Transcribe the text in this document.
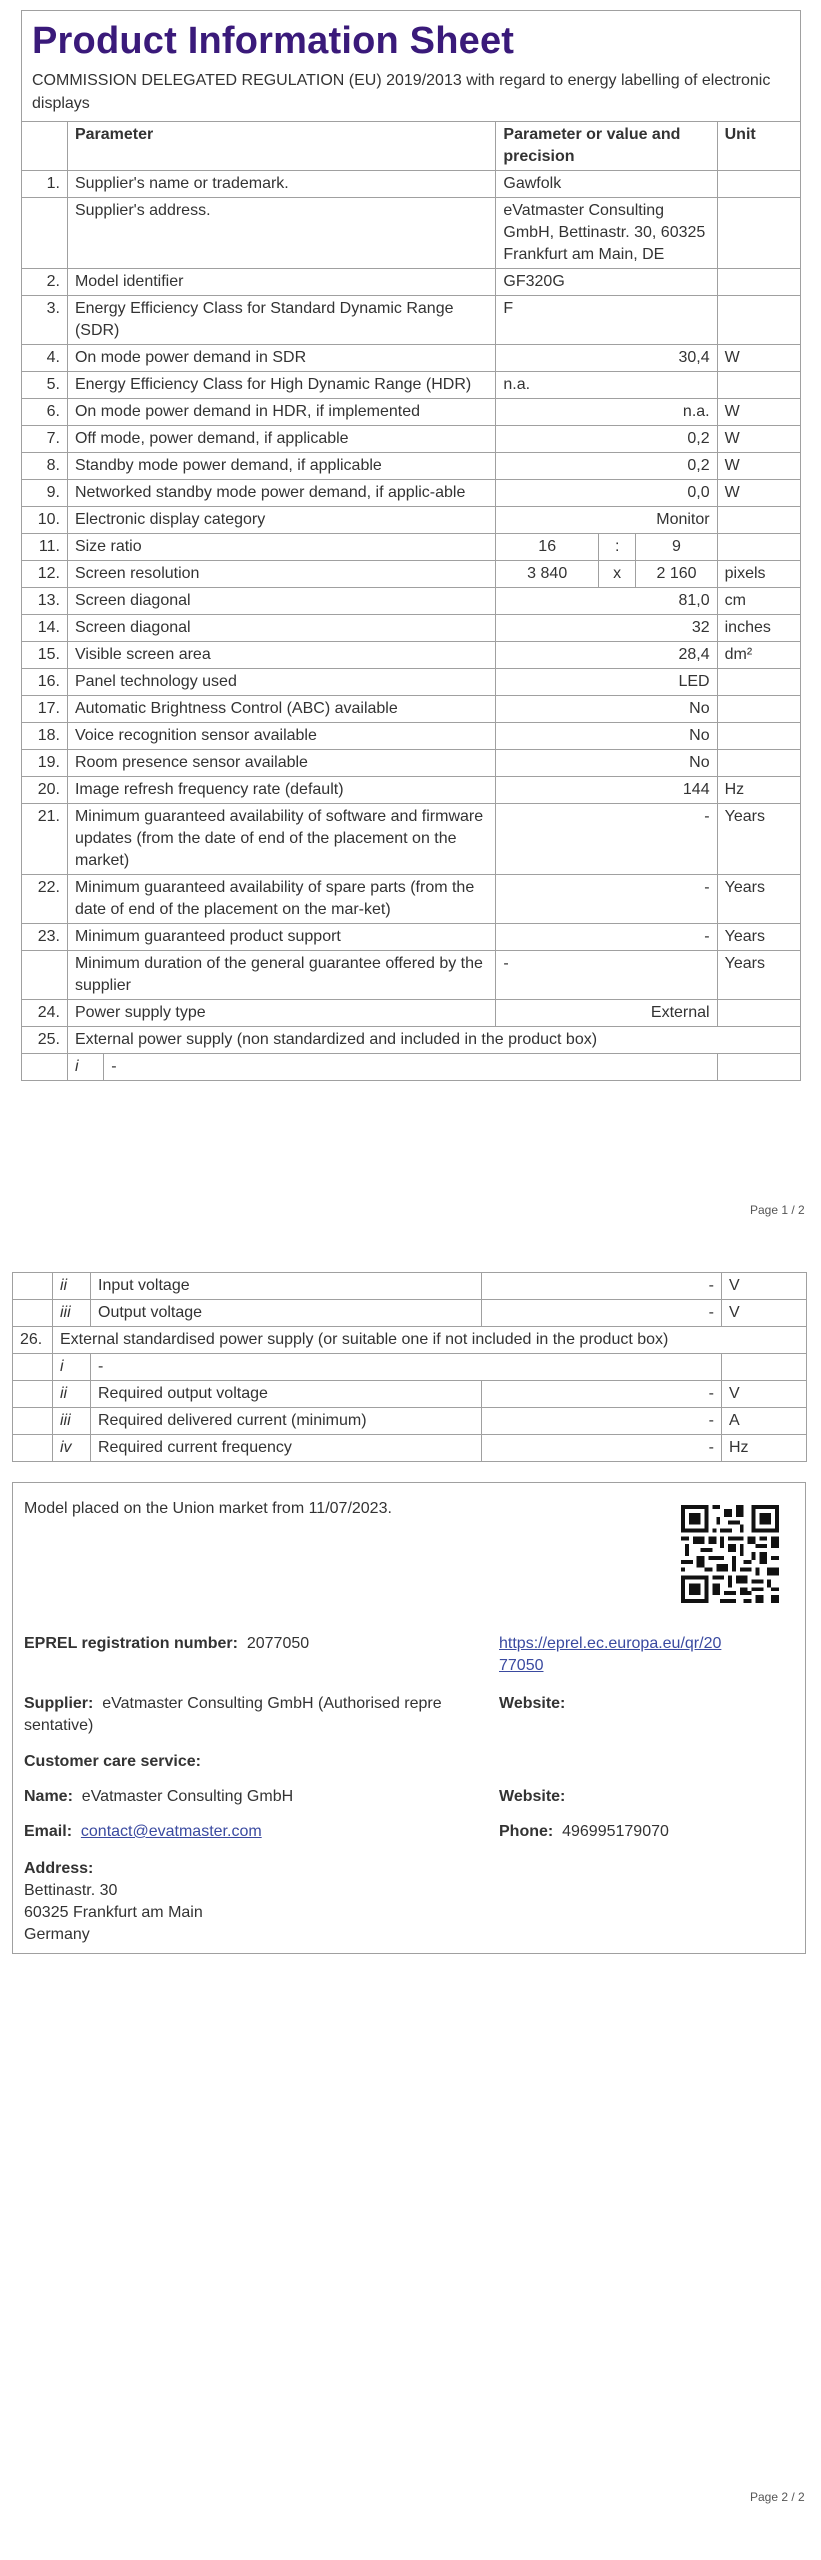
Product Information Sheet
COMMISSION DELEGATED REGULATION (EU) 2019/2013 with regard to energy labelling of electronic displays
	Parameter		Parameter or value and precision			Unit
1.	Supplier's name or trademark.		Gawfolk			
	Supplier's address.		eVatmaster Consulting GmbH, Bettinastr. 30, 60325 Frankfurt am Main, DE			
2.	Model identifier		GF320G			
3.	Energy Efficiency Class for Standard Dynamic Range (SDR)		F			
4.	On mode power demand in SDR		30,4			W
5.	Energy Efficiency Class for High Dynamic Range (HDR)		n.a.			
6.	On mode power demand in HDR, if implemented		n.a.			W
7.	Off mode, power demand, if applicable		0,2			W
8.	Standby mode power demand, if applicable		0,2			W
9.	Networked standby mode power demand, if applic-able		0,0			W
10.	Electronic display category		Monitor			
11.	Size ratio		16	:	9	
12.	Screen resolution		3 840	x	2 160	pixels
13.	Screen diagonal		81,0			cm
14.	Screen diagonal		32			inches
15.	Visible screen area		28,4			dm²
16.	Panel technology used		LED			
17.	Automatic Brightness Control (ABC) available		No			
18.	Voice recognition sensor available		No			
19.	Room presence sensor available		No			
20.	Image refresh frequency rate (default)		144			Hz
21.	Minimum guaranteed availability of software and firmware updates (from the date of end of the placement on the market)		-			Years
22.	Minimum guaranteed availability of spare parts (from the date of end of the placement on the mar-ket)		-			Years
23.	Minimum guaranteed product support		-			Years
	Minimum duration of the general guarantee offered by the supplier		-			Years
24.	Power supply type		External			
25.	External power supply (non standardized and included in the product box)					
	i	-				
Page 1 / 2
	ii	Input voltage	-	V
	iii	Output voltage	-	V
26.	External standardised power supply (or suitable one if not included in the product box)			
	i	-		
	ii	Required output voltage	-	V
	iii	Required delivered current (minimum)	-	A
	iv	Required current frequency	-	Hz
Model placed on the Union market from 11/07/2023.
EPREL registration number: 2077050	https://eprel.ec.europa.eu/qr/20
77050
Supplier: eVatmaster Consulting GmbH (Authorised repre
sentative)
Website:
Customer care service:
Name: eVatmaster Consulting GmbH	Website:
Email: contact@evatmaster.com	Phone: 496995179070
Address:
Bettinastr. 30
60325 Frankfurt am Main
Germany
Page 2 / 2
